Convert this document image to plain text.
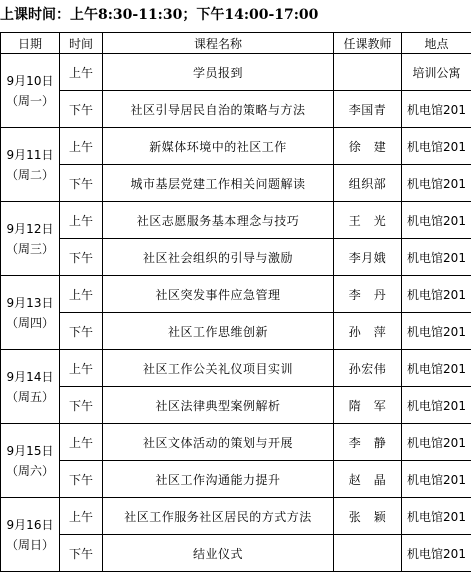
上课时间：上午8:30-11:30；下午14:00-17:00
日期	时间	课程名称	任课教师	地点

9月10日
（周一）	上午	学员报到		培训公寓
	下午	社区引导居民自治的策略与方法	李国青	机电馆201

9月11日
（周二）	上午	新媒体环境中的社区工作	徐　建	机电馆201
	下午	城市基层党建工作相关问题解读	组织部	机电馆201

9月12日
（周三）	上午	社区志愿服务基本理念与技巧	王　光	机电馆201
	下午	社区社会组织的引导与激励	李月娥	机电馆201

9月13日
（周四）	上午	社区突发事件应急管理	李　丹	机电馆201
	下午	社区工作思维创新	孙　萍	机电馆201

9月14日
（周五）	上午	社区工作公关礼仪项目实训	孙宏伟	机电馆201
	下午	社区法律典型案例解析	隋　军	机电馆201

9月15日
（周六）	上午	社区文体活动的策划与开展	李　静	机电馆201
	下午	社区工作沟通能力提升	赵　晶	机电馆201

9月16日
（周日）	上午	社区工作服务社区居民的方式方法	张　颖	机电馆201
	下午	结业仪式		机电馆201
